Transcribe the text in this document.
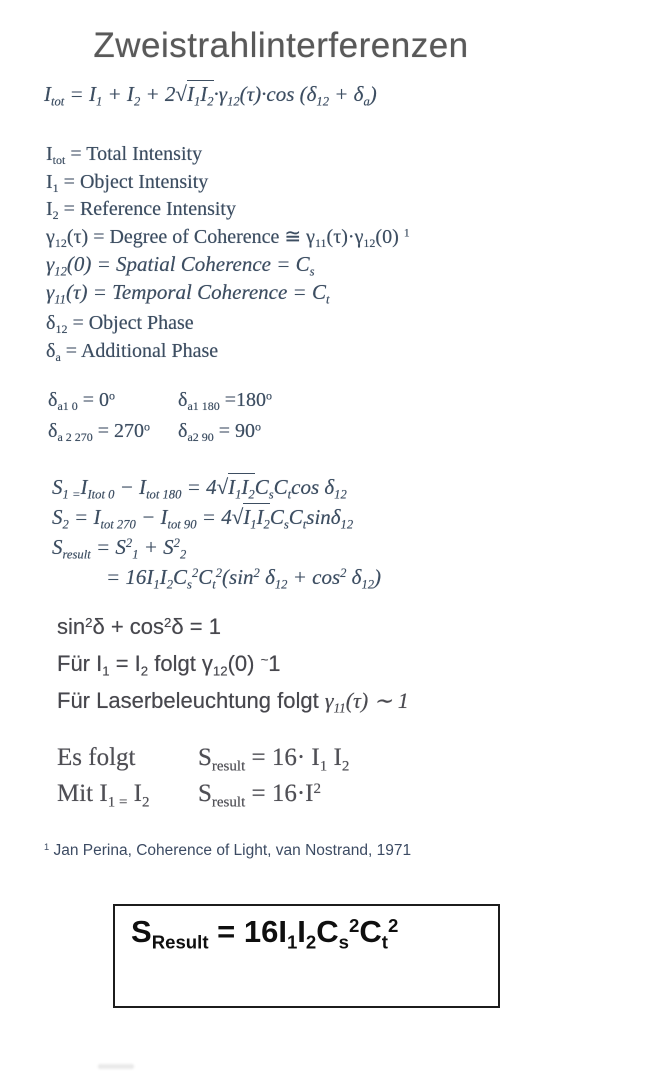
Zweistrahlinterferenzen
$I_{tot} = I_1 + I_2 + 2√I_1I_2\cdot\gamma_{12}(\tau)\cdot\cos$ $(\delta_{12} + \delta_a)$
$I_{tot}$ = Total Intensity
$I_1$ = Object Intensity
$I_2$ = Reference Intensity
$\gamma_{12}(\tau)$ = Degree of Coherence ≅ $\gamma_{11}(\tau)\cdot\gamma_{12}(0)$ $^1$
$\gamma_{12}(0)$ = Spatial Coherence = $C_s$
$\gamma_{11}(\tau)$ = Temporal Coherence = $C_t$
$\delta_{12}$ = Object Phase
$\delta_a$ = Additional Phase
$\delta_{a1 0} = 0^o$	$\delta_{a1 180} =180^o$
$\delta_{a 2 270} = 270^o$	$\delta_{a2 90} = 90^o$
$S_{1 =}I_{Itot 0} - I_{tot 180} = 4√I_1I_2C_sC_t\cos$ $\delta_{12}$
$S_2 = I_{tot 270} - I_{tot 90} = 4√I_1I_2C_sC_t\sin\delta_{12}$
$S_{result} = S^2_1 + S^2_2$
= $16I_1I_2C_s^2C_t^2(\sin^2$ $\delta_{12} + \cos^2 \delta_{12}$)
$\sin^2\delta + \cos^2\delta = 1$
Für $I_1 = I_2$ folgt $\gamma_{12}(0)$ ~1
Für Laserbeleuchtung folgt $\gamma_{11}(\tau)$ ∼ 1
Es folgt	$S_{result} = 16\cdot I_1$ $I_2$
Mit $I_{1 =}$ $I_2$	$S_{result} = 16\cdot I^2$
$^1$ Jan Perina, Coherence of Light, van Nostrand, 1971
$S_{Result} = 16I_1I_2C_s^2C_t^2$
